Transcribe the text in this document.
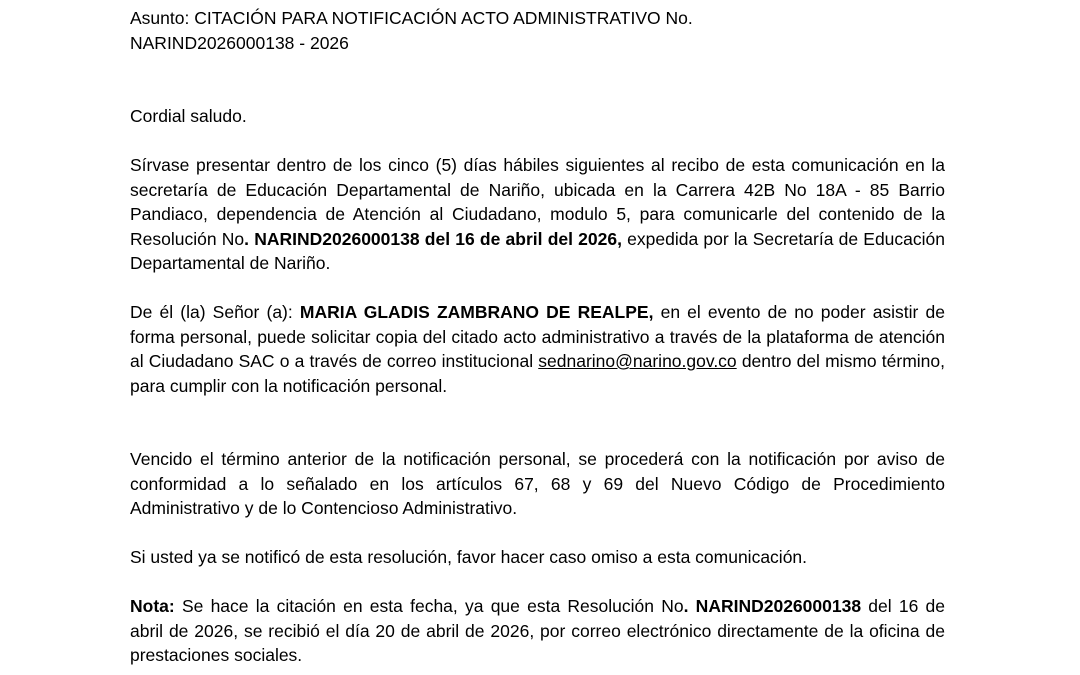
Asunto: CITACIÓN PARA NOTIFICACIÓN ACTO ADMINISTRATIVO No.

NARIND2026000138 - 2026

Cordial saludo.

Sírvase presentar dentro de los cinco (5) días hábiles siguientes al recibo de esta comunicación en la secretaría de Educación Departamental de Nariño, ubicada en la Carrera 42B No 18A - 85 Barrio Pandiaco, dependencia de Atención al Ciudadano, modulo 5, para comunicarle del contenido de la Resolución No. NARIND2026000138 del 16 de abril del 2026, expedida por la Secretaría de Educación Departamental de Nariño.

De él (la) Señor (a): MARIA GLADIS ZAMBRANO DE REALPE, en el evento de no poder asistir de forma personal, puede solicitar copia del citado acto administrativo a través de la plataforma de atención al Ciudadano SAC o a través de correo institucional sednarino@narino.gov.co dentro del mismo término, para cumplir con la notificación personal.

Vencido el término anterior de la notificación personal, se procederá con la notificación por aviso de conformidad a lo señalado en los artículos 67, 68 y 69 del Nuevo Código de Procedimiento Administrativo y de lo Contencioso Administrativo.

Si usted ya se notificó de esta resolución, favor hacer caso omiso a esta comunicación.

Nota: Se hace la citación en esta fecha, ya que esta Resolución No. NARIND2026000138 del 16 de abril de 2026, se recibió el día 20 de abril de 2026, por correo electrónico directamente de la oficina de prestaciones sociales.
